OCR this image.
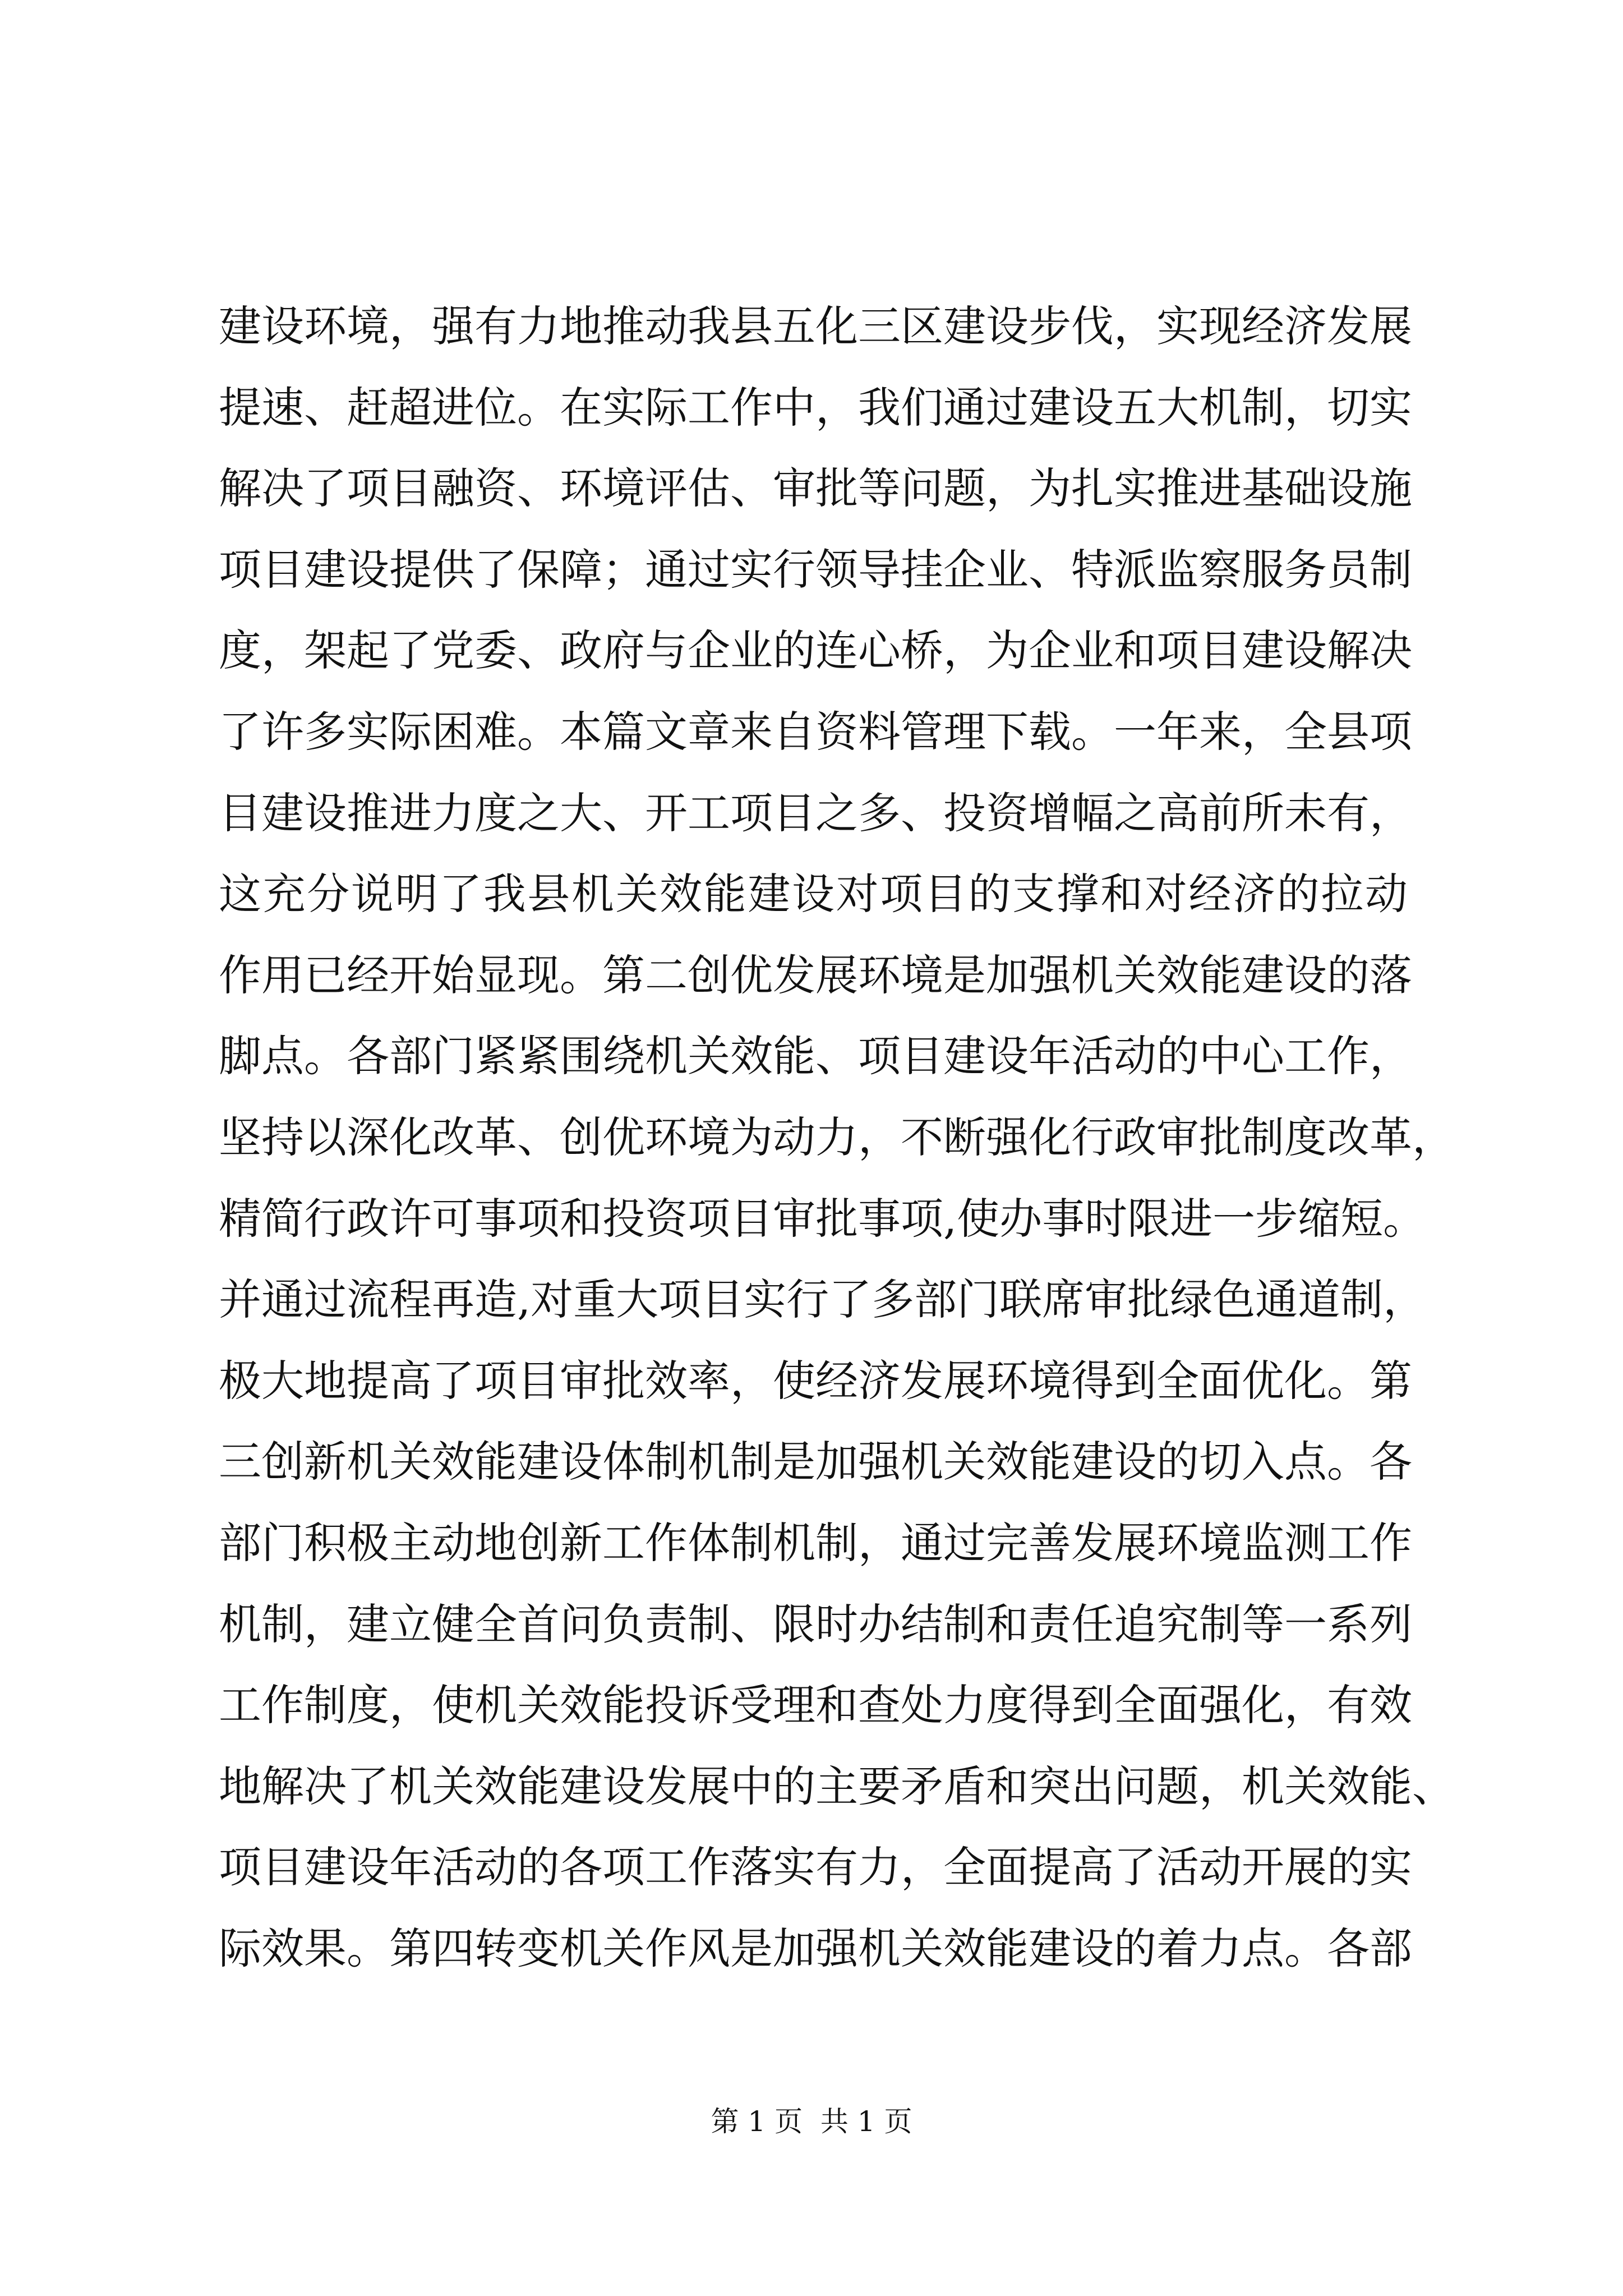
建设环境，强有力地推动我县五化三区建设步伐，实现经济发展
提速、赶超进位。在实际工作中，我们通过建设五大机制，切实
解决了项目融资、环境评估、审批等问题，为扎实推进基础设施
项目建设提供了保障；通过实行领导挂企业、特派监察服务员制
度，架起了党委、政府与企业的连心桥，为企业和项目建设解决
了许多实际困难。本篇文章来自资料管理下载。一年来，全县项
目建设推进力度之大、开工项目之多、投资增幅之高前所未有，
这充分说明了我县机关效能建设对项目的支撑和对经济的拉动
作用已经开始显现。第二创优发展环境是加强机关效能建设的落
脚点。各部门紧紧围绕机关效能、项目建设年活动的中心工作，
坚持以深化改革、创优环境为动力，不断强化行政审批制度改革，
精简行政许可事项和投资项目审批事项,使办事时限进一步缩短。
并通过流程再造,对重大项目实行了多部门联席审批绿色通道制，
极大地提高了项目审批效率，使经济发展环境得到全面优化。第
三创新机关效能建设体制机制是加强机关效能建设的切入点。各
部门积极主动地创新工作体制机制，通过完善发展环境监测工作
机制，建立健全首问负责制、限时办结制和责任追究制等一系列
工作制度，使机关效能投诉受理和查处力度得到全面强化，有效
地解决了机关效能建设发展中的主要矛盾和突出问题，机关效能、
项目建设年活动的各项工作落实有力，全面提高了活动开展的实
际效果。第四转变机关作风是加强机关效能建设的着力点。各部
第 1 页  共 1 页
